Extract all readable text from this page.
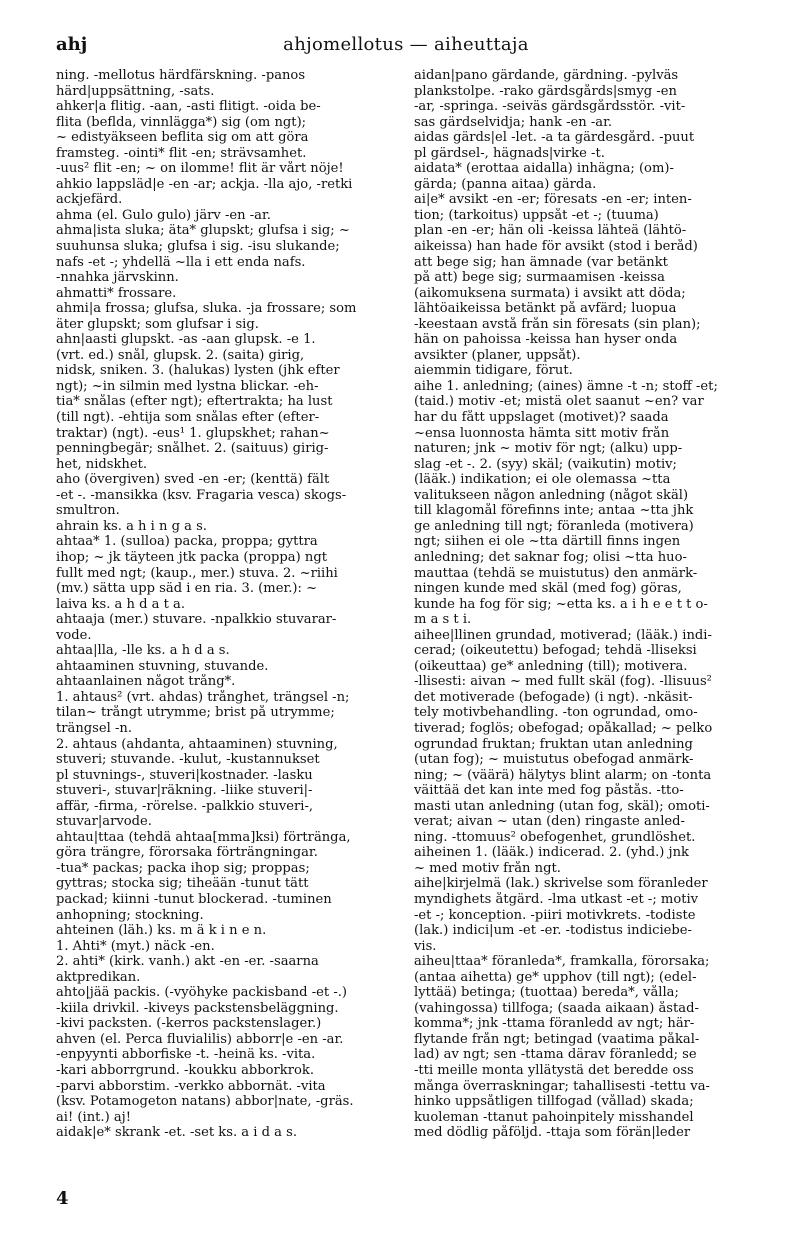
ahj	ahjomellotus — aiheuttaja
ning. -mellotus härdfärskning. -panos
härd|uppsättning, -sats.
ahker|a flitig. -aan, -asti flitigt. -oida be-
flita (beflda, vinnlägga*) sig (om ngt);
~ edistyäkseen beflita sig om att göra
framsteg. -ointi* flit -en; strävsamhet.
-uus² flit -en; ~ on ilomme! flit är vårt nöje!
ahkio lappsläd|e -en -ar; ackja. -lla ajo, -retki
ackjefärd.
ahma (el. Gulo gulo) järv -en -ar.
ahma|ista sluka; äta* glupskt; glufsa i sig; ~
suuhunsa sluka; glufsa i sig. -isu slukande;
nafs -et -; yhdellä ~lla i ett enda nafs.
-nnahka järvskinn.
ahmatti* frossare.
ahmi|a frossa; glufsa, sluka. -ja frossare; som
äter glupskt; som glufsar i sig.
ahn|aasti glupskt. -as -aan glupsk. -e 1.
(vrt. ed.) snål, glupsk. 2. (saita) girig,
nidsk, sniken. 3. (halukas) lysten (jhk efter
ngt); ~in silmin med lystna blickar. -eh-
tia* snålas (efter ngt); eftertrakta; ha lust
(till ngt). -ehtija som snålas efter (efter-
traktar) (ngt). -eus¹ 1. glupskhet; rahan~
penningbegär; snålhet. 2. (saituus) girig-
het, nidskhet.
aho (övergiven) sved -en -er; (kenttä) fält
-et -. -mansikka (ksv. Fragaria vesca) skogs-
smultron.
ahrain ks. a h i n g a s.
ahtaa* 1. (sulloa) packa, proppa; gyttra
ihop; ~ jk täyteen jtk packa (proppa) ngt
fullt med ngt; (kaup., mer.) stuva. 2. ~riihi
(mv.) sätta upp säd i en ria. 3. (mer.): ~
laiva ks. a h d a t a.
ahtaaja (mer.) stuvare. -npalkkio stuvarar-
vode.
ahtaa|lla, -lle ks. a h d a s.
ahtaaminen stuvning, stuvande.
ahtaanlainen något trång*.
1. ahtaus² (vrt. ahdas) trånghet, trängsel -n;
tilan~ trångt utrymme; brist på utrymme;
trängsel -n.
2. ahtaus (ahdanta, ahtaaminen) stuvning,
stuveri; stuvande. -kulut, -kustannukset
pl stuvnings-, stuveri|kostnader. -lasku
stuveri-, stuvar|räkning. -liike stuveri|-
affär, -firma, -rörelse. -palkkio stuveri-,
stuvar|arvode.
ahtau|ttaa (tehdä ahtaa[mma]ksi) förtränga,
göra trängre, förorsaka förträngningar.
-tua* packas; packa ihop sig; proppas;
gyttras; stocka sig; tiheään -tunut tätt
packad; kiinni -tunut blockerad. -tuminen
anhopning; stockning.
ahteinen (läh.) ks. m ä k i n e n.
1. Ahti* (myt.) näck -en.
2. ahti* (kirk. vanh.) akt -en -er. -saarna
aktpredikan.
ahto|jää packis. (-vyöhyke packisband -et -.)
-kiila drivkil. -kiveys packstensbeläggning.
-kivi packsten. (-kerros packstenslager.)
ahven (el. Perca fluvialilis) abborr|e -en -ar.
-enpyynti abborfiske -t. -heinä ks. -vita.
-kari abborrgrund. -koukku abborkrok.
-parvi abborstim. -verkko abbornät. -vita
(ksv. Potamogeton natans) abbor|nate, -gräs.
ai! (int.) aj!
aidak|e* skrank -et. -set ks. a i d a s.
aidan|pano gärdande, gärdning. -pylväs
plankstolpe. -rako gärdsgårds|smyg -en
-ar, -springa. -seiväs gärdsgårdsstör. -vit-
sas gärdselvidja; hank -en -ar.
aidas gärds|el -let. -a ta gärdesgård. -puut
pl gärdsel-, hägnads|virke -t.
aidata* (erottaa aidalla) inhägna; (om)-
gärda; (panna aitaa) gärda.
ai|e* avsikt -en -er; föresats -en -er; inten-
tion; (tarkoitus) uppsåt -et -; (tuuma)
plan -en -er; hän oli -keissa lähteä (lähtö-
aikeissa) han hade för avsikt (stod i beråd)
att bege sig; han ämnade (var betänkt
på att) bege sig; surmaamisen -keissa
(aikomuksena surmata) i avsikt att döda;
lähtöaikeissa betänkt på avfärd; luopua
-keestaan avstå från sin föresats (sin plan);
hän on pahoissa -keissa han hyser onda
avsikter (planer, uppsåt).
aiemmin tidigare, förut.
aihe 1. anledning; (aines) ämne -t -n; stoff -et;
(taid.) motiv -et; mistä olet saanut ~en? var
har du fått uppslaget (motivet)? saada
~ensa luonnosta hämta sitt motiv från
naturen; jnk ~ motiv för ngt; (alku) upp-
slag -et -. 2. (syy) skäl; (vaikutin) motiv;
(lääk.) indikation; ei ole olemassa ~tta
valitukseen någon anledning (något skäl)
till klagomål förefinns inte; antaa ~tta jhk
ge anledning till ngt; föranleda (motivera)
ngt; siihen ei ole ~tta därtill finns ingen
anledning; det saknar fog; olisi ~tta huo-
mauttaa (tehdä se muistutus) den anmärk-
ningen kunde med skäl (med fog) göras,
kunde ha fog för sig; ~etta ks. a i h e e t t o-
m a s t i.
aihee|llinen grundad, motiverad; (lääk.) indi-
cerad; (oikeutettu) befogad; tehdä -lliseksi
(oikeuttaa) ge* anledning (till); motivera.
-llisesti: aivan ~ med fullt skäl (fog). -llisuus²
det motiverade (befogade) (i ngt). -nkäsit-
tely motivbehandling. -ton ogrundad, omo-
tiverad; foglös; obefogad; opåkallad; ~ pelko
ogrundad fruktan; fruktan utan anledning
(utan fog); ~ muistutus obefogad anmärk-
ning; ~ (väärä) hälytys blint alarm; on -tonta
väittää det kan inte med fog påstås. -tto-
masti utan anledning (utan fog, skäl); omoti-
verat; aivan ~ utan (den) ringaste anled-
ning. -ttomuus² obefogenhet, grundlöshet.
aiheinen 1. (lääk.) indicerad. 2. (yhd.) jnk
~ med motiv från ngt.
aihe|kirjelmä (lak.) skrivelse som föranleder
myndighets åtgärd. -lma utkast -et -; motiv
-et -; konception. -piiri motivkrets. -todiste
(lak.) indici|um -et -er. -todistus indiciebe-
vis.
aiheu|ttaa* föranleda*, framkalla, förorsaka;
(antaa aihetta) ge* upphov (till ngt); (edel-
lyttää) betinga; (tuottaa) bereda*, vålla;
(vahingossa) tillfoga; (saada aikaan) åstad-
komma*; jnk -ttama föranledd av ngt; här-
flytande från ngt; betingad (vaatima påkal-
lad) av ngt; sen -ttama därav föranledd; se
-tti meille monta yllätystä det beredde oss
många överraskningar; tahallisesti -tettu va-
hinko uppsåtligen tillfogad (vållad) skada;
kuoleman -ttanut pahoinpitely misshandel
med dödlig påföljd. -ttaja som förän|leder
4
